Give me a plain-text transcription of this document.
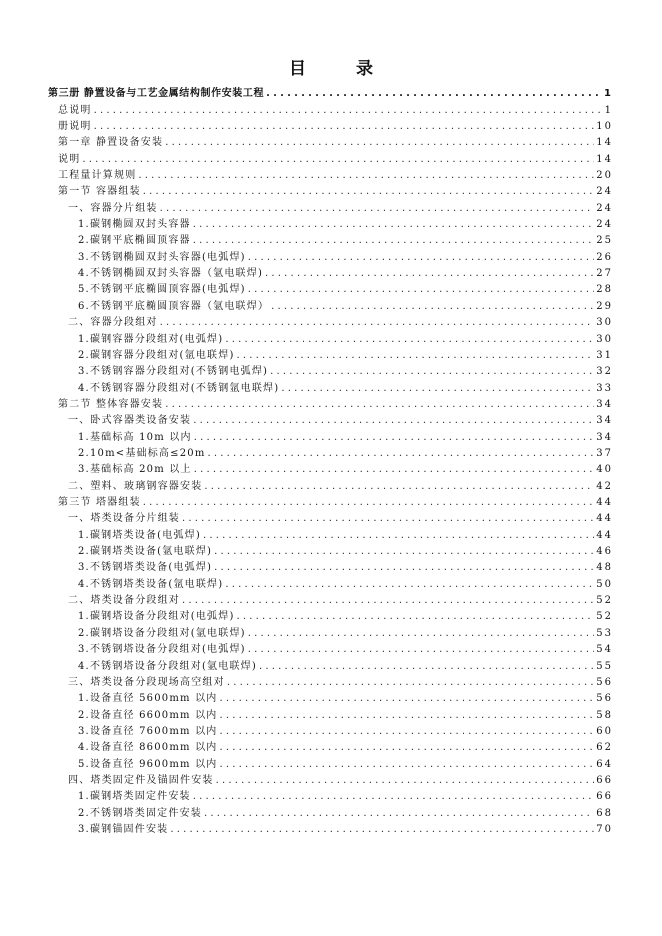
目 录
第三册 静置设备与工艺金属结构制作安装工程 .....	1
总说明 .....	1
册说明 .....	10
第一章 静置设备安装 .....	14
说明 .....	14
工程量计算规则 .....	20
第一节 容器组装 .....	24
一、容器分片组装 .....	24
1.碳钢椭圆双封头容器 .....	24
2.碳钢平底椭圆顶容器 .....	25
3.不锈钢椭圆双封头容器(电弧焊) .....	26
4.不锈钢椭圆双封头容器（氩电联焊) .....	27
5.不锈钢平底椭圆顶容器(电弧焊) .....	28
6.不锈钢平底椭圆顶容器（氩电联焊） .....	29
二、容器分段组对 .....	30
1.碳钢容器分段组对(电弧焊) .....	30
2.碳钢容器分段组对(氩电联焊) .....	31
3.不锈钢容器分段组对(不锈钢电弧焊) .....	32
4.不锈钢容器分段组对(不锈钢氩电联焊) .....	33
第二节 整体容器安装 .....	34
一、卧式容器类设备安装 .....	34
1.基础标高 10m 以内 .....	34
2.10m<基础标高≤20m .....	37
3.基础标高 20m 以上 .....	40
二、塑料、玻璃钢容器安装 .....	42
第三节 塔器组装 .....	44
一、塔类设备分片组装 .....	44
1.碳钢塔类设备(电弧焊) .....	44
2.碳钢塔类设备(氩电联焊) .....	46
3.不锈钢塔类设备(电弧焊) .....	48
4.不锈钢塔类设备(氩电联焊) .....	50
二、塔类设备分段组对 .....	52
1.碳钢塔设备分段组对(电弧焊) .....	52
2.碳钢塔设备分段组对(氩电联焊) .....	53
3.不锈钢塔设备分段组对(电弧焊) .....	54
4.不锈钢塔设备分段组对(氩电联焊) .....	55
三、塔类设备分段现场高空组对 .....	56
1.设备直径 5600mm 以内 .....	56
2.设备直径 6600mm 以内 .....	58
3.设备直径 7600mm 以内 .....	60
4.设备直径 8600mm 以内 .....	62
5.设备直径 9600mm 以内 .....	64
四、塔类固定件及锚固件安装 .....	66
1.碳钢塔类固定件安装 .....	66
2.不锈钢塔类固定件安装 .....	68
3.碳钢锚固件安装 .....	70
